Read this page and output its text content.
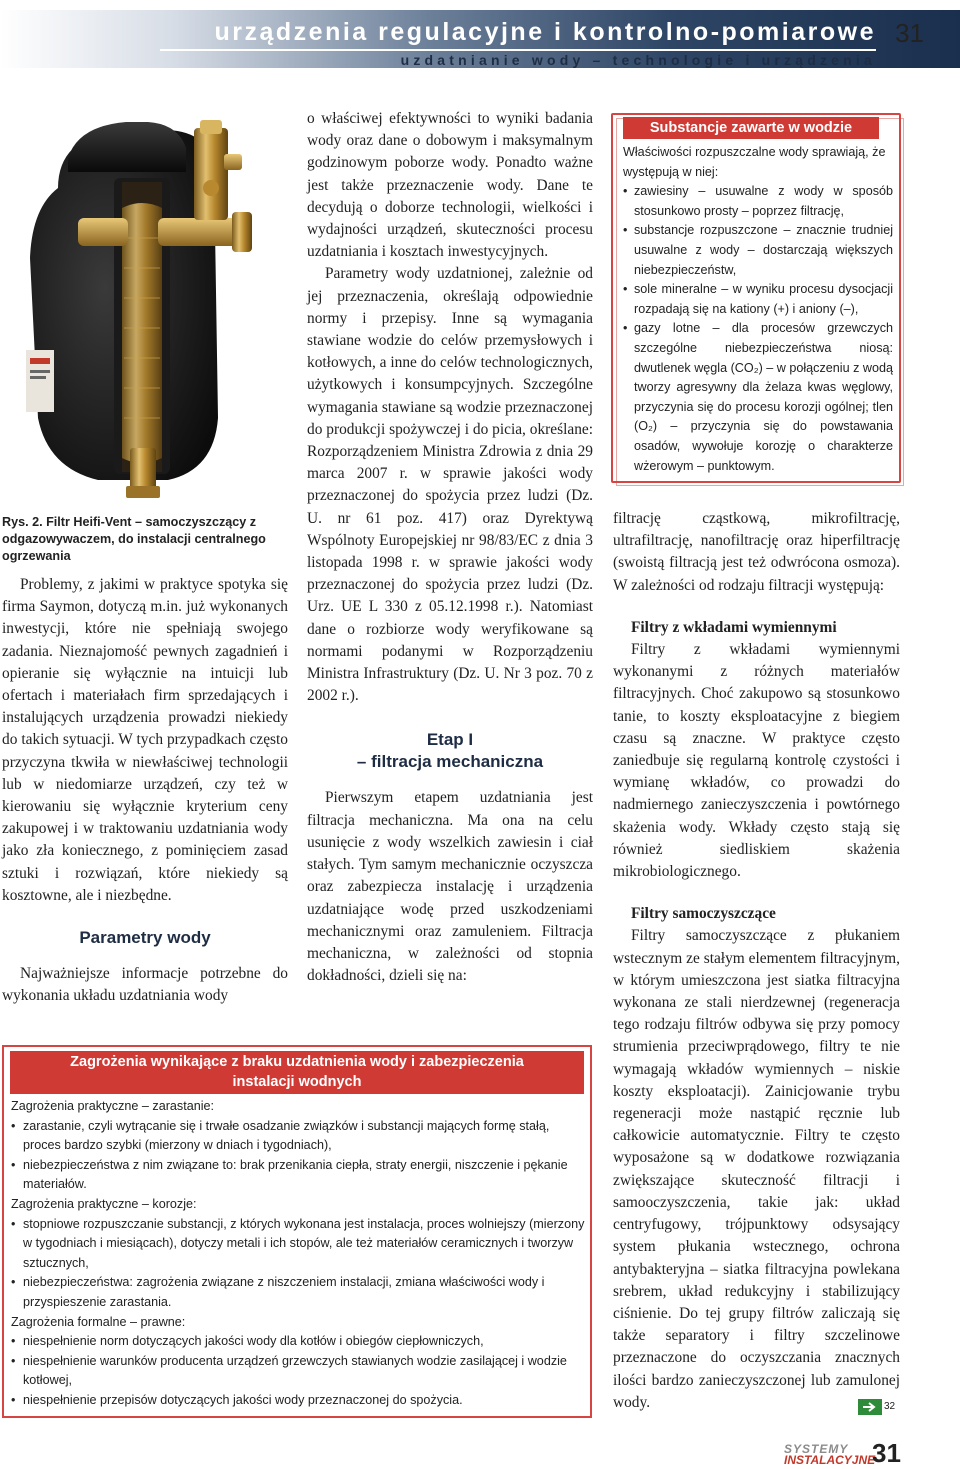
urządzenia regulacyjne i kontrolno-pomiarowe
uzdatnianie wody – technologie i urządzenia
31
Rys. 2. Filtr Heifi-Vent – samoczyszczący z odgazowywaczem, do instalacji centralnego ogrzewania

Problemy, z jakimi w praktyce spotyka się firma Saymon, dotyczą m.in. już wykonanych inwestycji, które nie spełniają swojego zadania. Nieznajomość pewnych zagadnień i opieranie się wyłącznie na intuicji lub ofertach i materiałach firm sprzedających i instalujących urządzenia prowadzi niekiedy do takich sytuacji. W tych przypadkach często przyczyna tkwiła w niewłaściwej technologii lub w niedomiarze urządzeń, czy też w kierowaniu się wyłącznie kryterium ceny zakupowej i w traktowaniu uzdatniania wody jako zła koniecznego, z pominięciem zasad sztuki i rozwiązań, które niekiedy są kosztowne, ale i niezbędne.

Parametry wody

Najważniejsze informacje potrzebne do wykonania układu uzdatniania wody

o właściwej efektywności to wyniki badania wody oraz dane o dobowym i maksymalnym godzinowym poborze wody. Ponadto ważne jest także przeznaczenie wody. Dane te decydują o doborze technologii, wielkości i wydajności urządzeń, skuteczności procesu uzdatniania i kosztach inwestycyjnych.

Parametry wody uzdatnionej, zależnie od jej przeznaczenia, określają odpowiednie normy i przepisy. Inne są wymagania stawiane wodzie do celów przemysłowych i kotłowych, a inne do celów technologicznych, użytkowych i konsumpcyjnych. Szczególne wymagania stawiane są wodzie przeznaczonej do produkcji spożywczej i do picia, określane: Rozporządzeniem Ministra Zdrowia z dnia 29 marca 2007 r. w sprawie jakości wody przeznaczonej do spożycia przez ludzi (Dz. U. nr 61 poz. 417) oraz Dyrektywą Wspólnoty Europejskiej nr 98/83/EC z dnia 3 listopada 1998 r. w sprawie jakości wody przeznaczonej do spożycia przez ludzi (Dz. Urz. UE L 330 z 05.12.1998 r.). Natomiast dane o rozbiorze wody weryfikowane są normami podanymi w Rozporządzeniu Ministra Infrastruktury (Dz. U. Nr 3 poz. 70 z 2002 r.).

Etap I
– filtracja mechaniczna

Pierwszym etapem uzdatniania jest filtracja mechaniczna. Ma ona na celu usunięcie z wody wszelkich zawiesin i ciał stałych. Tym samym mechanicznie oczyszcza oraz zabezpiecza instalację i urządzenia uzdatniające wodę przed uszkodzeniami mechanicznymi oraz zamuleniem. Filtracja mechaniczna, w zależności od stopnia dokładności, dzieli się na:

filtrację cząstkową, mikrofiltrację, ultrafiltrację, nanofiltrację oraz hiperfiltrację (swoistą filtracją jest też odwrócona osmoza). W zależności od rodzaju filtracji występują:

Filtry z wkładami wymiennymi

Filtry z wkładami wymiennymi wykonanymi z różnych materiałów filtracyjnych. Choć zakupowo są stosunkowo tanie, to koszty eksploatacyjne z biegiem czasu są znaczne. W praktyce często zaniedbuje się regularną kontrolę czystości i wymianę wkładów, co prowadzi do nadmiernego zanieczyszczenia i powtórnego skażenia wody. Wkłady często stają się również siedliskiem skażenia mikrobiologicznego.

Filtry samoczyszczące

Filtry samoczyszczące z płukaniem wstecznym ze stałym elementem filtracyjnym, w którym umieszczona jest siatka filtracyjna wykonana ze stali nierdzewnej (regeneracja tego rodzaju filtrów odbywa się przy pomocy strumienia przeciwprądowego, filtry te nie wymagają wkładów wymiennych – niskie koszty eksploatacji). Zainicjowanie trybu regeneracji może nastąpić ręcznie lub całkowicie automatycznie. Filtry te często wyposażone są w dodatkowe rozwiązania zwiększające skuteczność filtracji i samooczyszczenia, takie jak: układ centryfugowy, trójpunktowy odsysający system płukania wstecznego, ochrona antybakteryjna – siatka filtracyjna powlekana srebrem, układ redukcyjny i stabilizujący ciśnienie. Do tej grupy filtrów zaliczają się także separatory i filtry szczelinowe przeznaczone do oczyszczania znacznych ilości bardzo zanieczyszczonej lub zamulonej wody.	32
Substancje zawarte w wodzie
Właściwości rozpuszczalne wody sprawiają, że występują w niej:
• zawiesiny – usuwalne z wody w sposób stosunkowo prosty – poprzez filtrację,
• substancje rozpuszczone – znacznie trudniej usuwalne z wody – dostarczają większych niebezpieczeństw,
• sole mineralne – w wyniku procesu dysocjacji rozpadają się na kationy (+) i aniony (–),
• gazy lotne – dla procesów grzewczych szczególne niebezpieczeństwa niosą: dwutlenek węgla (CO₂) – w połączeniu z wodą tworzy agresywny dla żelaza kwas węglowy, przyczynia się do procesu korozji ogólnej; tlen (O₂) – przyczynia się do powstawania osadów, wywołuje korozję o charakterze wżerowym – punktowym.
Zagrożenia wynikające z braku uzdatnienia wody i zabezpieczenia
instalacji wodnych
Zagrożenia praktyczne – zarastanie:
• zarastanie, czyli wytrącanie się i trwałe osadzanie związków i substancji mających formę stałą, proces bardzo szybki (mierzony w dniach i tygodniach),
• niebezpieczeństwa z nim związane to: brak przenikania ciepła, straty energii, niszczenie i pękanie materiałów.
Zagrożenia praktyczne – korozje:
• stopniowe rozpuszczanie substancji, z których wykonana jest instalacja, proces wolniejszy (mierzony w tygodniach i miesiącach), dotyczy metali i ich stopów, ale też materiałów ceramicznych i tworzyw sztucznych,
• niebezpieczeństwa: zagrożenia związane z niszczeniem instalacji, zmiana właściwości wody i przyspieszenie zarastania.
Zagrożenia formalne – prawne:
• niespełnienie norm dotyczących jakości wody dla kotłów i obiegów ciepłowniczych,
• niespełnienie warunków producenta urządzeń grzewczych stawianych wodzie zasilającej i wodzie kotłowej,
• niespełnienie przepisów dotyczących jakości wody przeznaczonej do spożycia.
SYSTEMY
INSTALACYJNE
31
